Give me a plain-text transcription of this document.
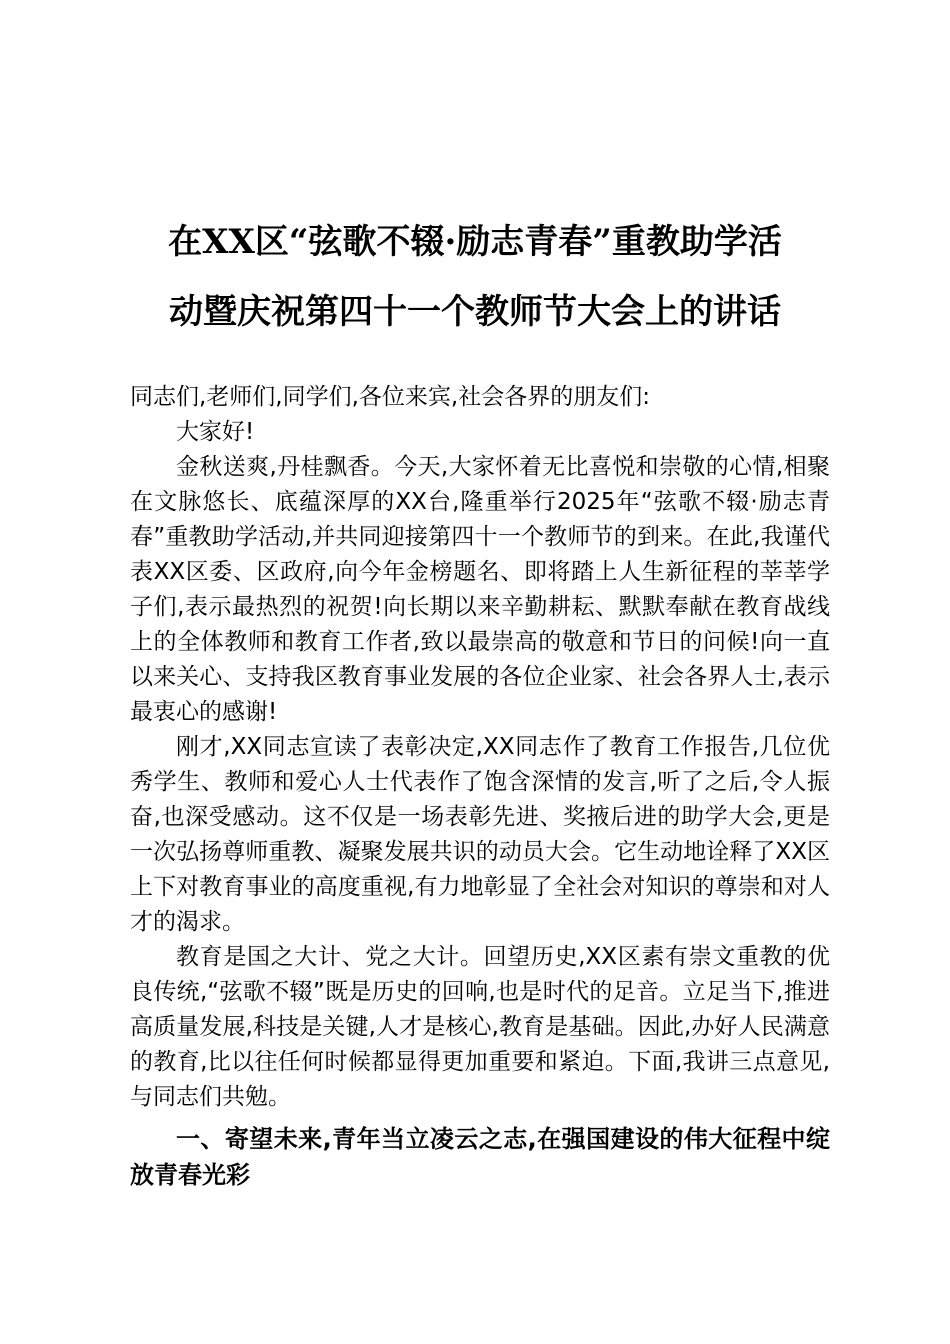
在XX区“弦歌不辍·励志青春”重教助学活
动暨庆祝第四十一个教师节大会上的讲话

同志们,老师们,同学们,各位来宾,社会各界的朋友们:

大家好!

金秋送爽,丹桂飘香。今天,大家怀着无比喜悦和崇敬的心情,相聚在文脉悠长、底蕴深厚的XX台,隆重举行2025年“弦歌不辍·励志青春”重教助学活动,并共同迎接第四十一个教师节的到来。在此,我谨代表XX区委、区政府,向今年金榜题名、即将踏上人生新征程的莘莘学子们,表示最热烈的祝贺!向长期以来辛勤耕耘、默默奉献在教育战线上的全体教师和教育工作者,致以最崇高的敬意和节日的问候!向一直以来关心、支持我区教育事业发展的各位企业家、社会各界人士,表示最衷心的感谢!

刚才,XX同志宣读了表彰决定,XX同志作了教育工作报告,几位优秀学生、教师和爱心人士代表作了饱含深情的发言,听了之后,令人振奋,也深受感动。这不仅是一场表彰先进、奖掖后进的助学大会,更是一次弘扬尊师重教、凝聚发展共识的动员大会。它生动地诠释了XX区上下对教育事业的高度重视,有力地彰显了全社会对知识的尊崇和对人才的渴求。

教育是国之大计、党之大计。回望历史,XX区素有崇文重教的优良传统,“弦歌不辍”既是历史的回响,也是时代的足音。立足当下,推进高质量发展,科技是关键,人才是核心,教育是基础。因此,办好人民满意的教育,比以往任何时候都显得更加重要和紧迫。下面,我讲三点意见,与同志们共勉。

一、寄望未来,青年当立凌云之志,在强国建设的伟大征程中绽放青春光彩
